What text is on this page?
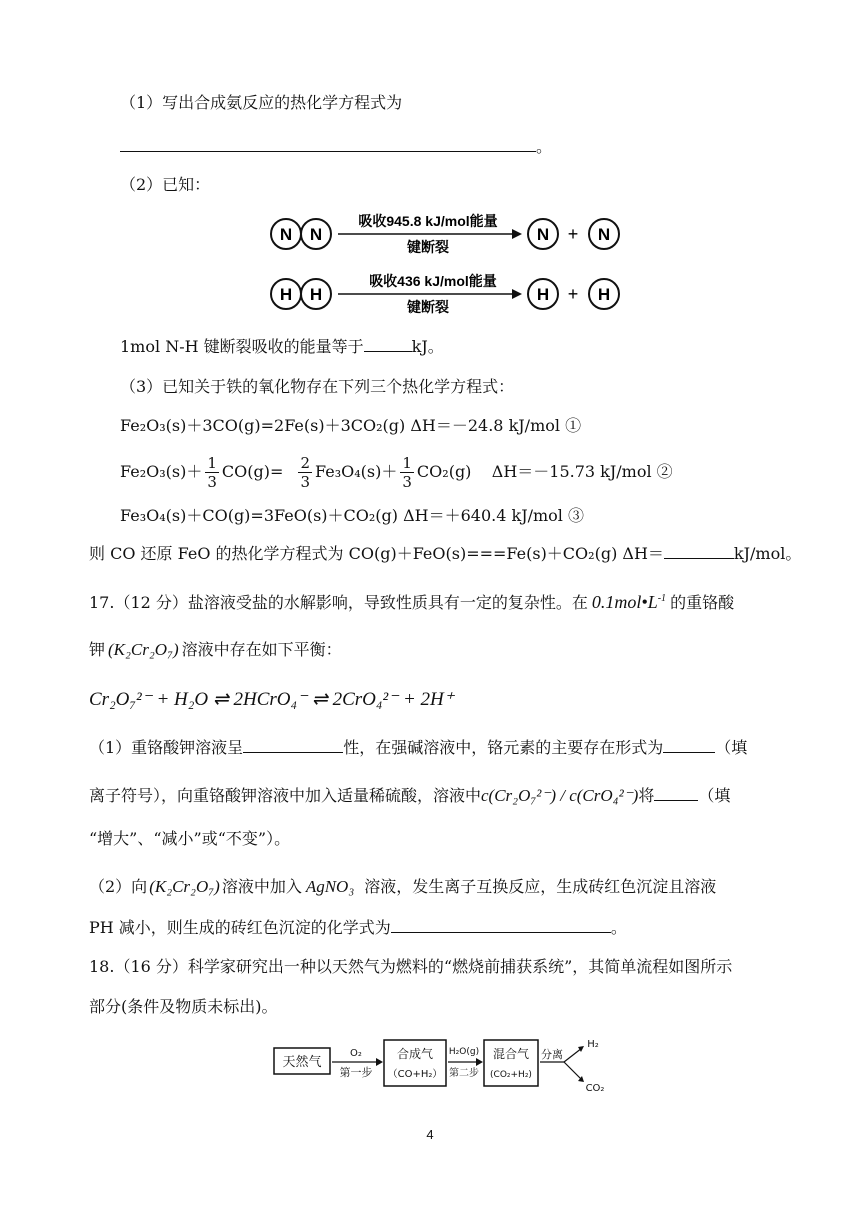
（1）写出合成氨反应的热化学方程式为
。
（2）已知：
N N
吸收945.8 kJ/mol能量
键断裂
N + N
H H
吸收436 kJ/mol能量
键断裂
H + H
1mol N-H 键断裂吸收的能量等于	kJ。
（3）已知关于铁的氧化物存在下列三个热化学方程式：
Fe₂O₃(s)＋3CO(g)=2Fe(s)＋3CO₂(g) ΔH＝－24.8 kJ/mol ①
$Fe_2O_3(s)+ \frac{1}{3} CO(g)= \frac{2}{3} Fe_3O_4(s)+ \frac{1}{3} CO_2(g)$    ΔH＝－15.73 kJ/mol ②
Fe₃O₄(s)＋CO(g)=3FeO(s)＋CO₂(g) ΔH＝＋640.4 kJ/mol ③
则 CO 还原 FeO 的热化学方程式为 CO(g)＋FeO(s)===Fe(s)＋CO₂(g) ΔH＝	kJ/mol。
17.（12 分）盐溶液受盐的水解影响，导致性质具有一定的复杂性。在 $0.1mol•L^{-1}$ 的重铬酸
钾 (K₂Cr₂O₇) 溶液中存在如下平衡：
Cr₂O₇²⁻ + H₂O ⇌ 2HCrO₄⁻ ⇌ 2CrO₄²⁻ + 2H⁺
（1）重铬酸钾溶液呈	性，在强碱溶液中，铬元素的主要存在形式为	（填
离子符号），向重铬酸钾溶液中加入适量稀硫酸，溶液中c(Cr₂O₇²⁻) / c(CrO₄²⁻)将	（填
“增大”、“减小”或“不变”）。
（2）向 (K₂Cr₂O₇) 溶液中加入 AgNO₃ 溶液，发生离子互换反应，生成砖红色沉淀且溶液
PH 减小，则生成的砖红色沉淀的化学式为	。
18.（16 分）科学家研究出一种以天然气为燃料的“燃烧前捕获系统”，其简单流程如图所示
部分(条件及物质未标出)。
天然气
O₂
第一步
合成气
（CO+H₂）
H₂O(g)
第二步
混合气
(CO₂+H₂)
分离
H₂
CO₂
4
